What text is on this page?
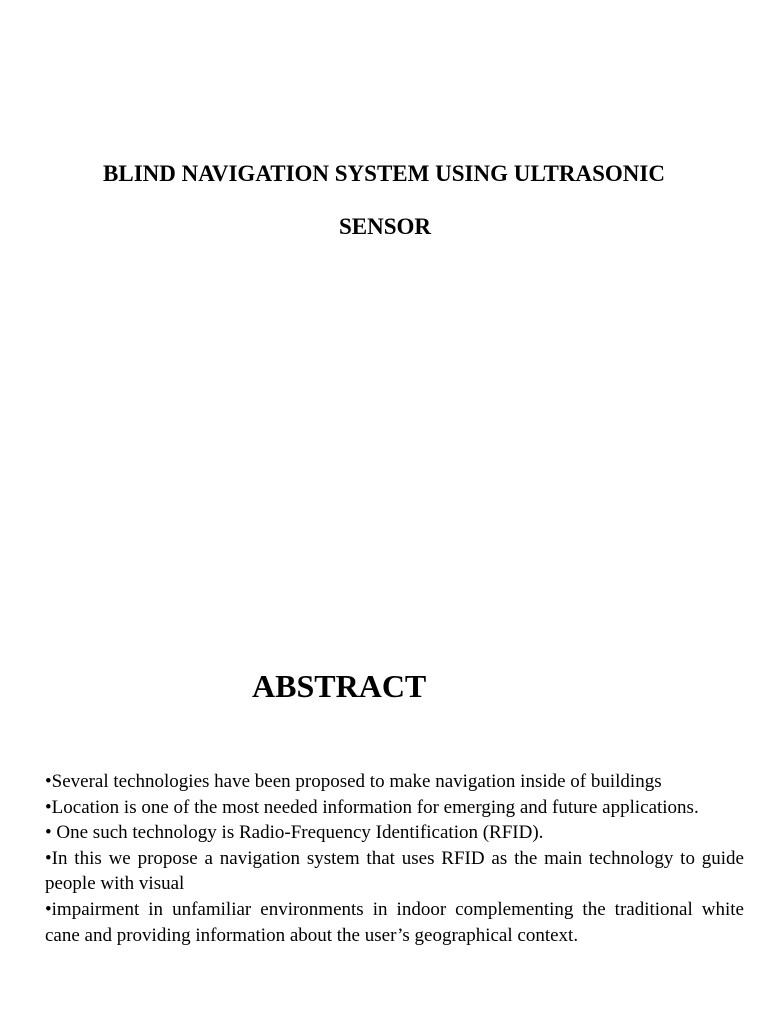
BLIND NAVIGATION SYSTEM USING ULTRASONIC
SENSOR
ABSTRACT

•Several technologies have been proposed to make navigation inside of buildings

•Location is one of the most needed information for emerging and future applications.

• One such technology is Radio-Frequency Identification (RFID).

•In this we propose a navigation system that uses RFID as the main technology to guide people with visual

•impairment in unfamiliar environments in indoor complementing the traditional white cane and providing information about the user’s geographical context.
